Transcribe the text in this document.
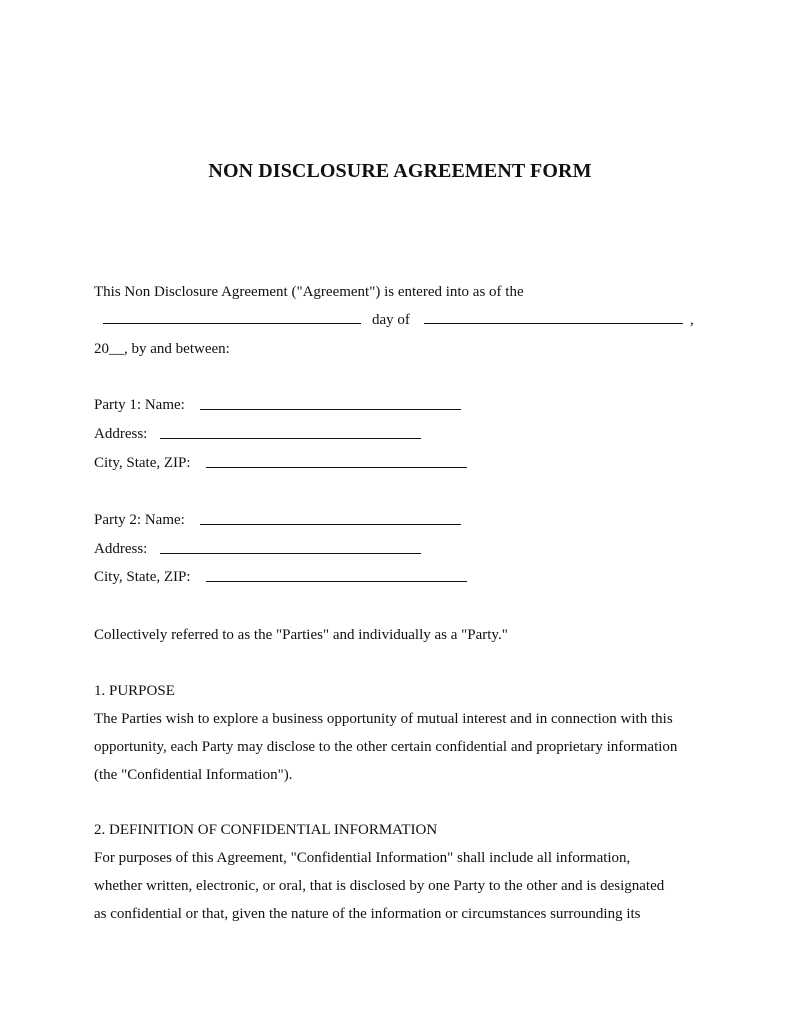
NON DISCLOSURE AGREEMENT FORM
This Non Disclosure Agreement ("Agreement") is entered into as of the
day of	,
20__, by and between:
Party 1: Name:
Address:
City, State, ZIP:
Party 2: Name:
Address:
City, State, ZIP:
Collectively referred to as the "Parties" and individually as a "Party."
1. PURPOSE
The Parties wish to explore a business opportunity of mutual interest and in connection with this
opportunity, each Party may disclose to the other certain confidential and proprietary information
(the "Confidential Information").
2. DEFINITION OF CONFIDENTIAL INFORMATION
For purposes of this Agreement, "Confidential Information" shall include all information,
whether written, electronic, or oral, that is disclosed by one Party to the other and is designated
as confidential or that, given the nature of the information or circumstances surrounding its
